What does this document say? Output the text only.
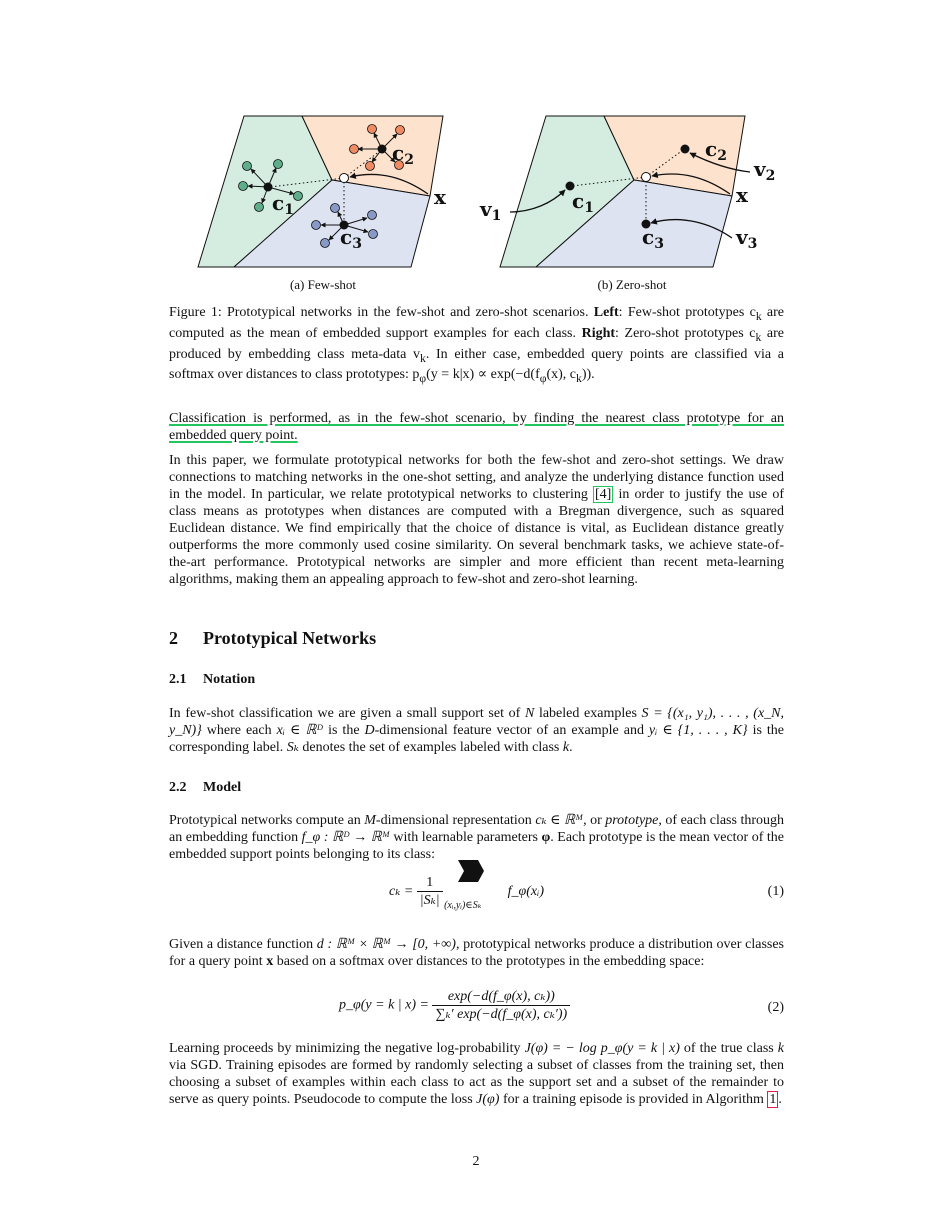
$c_1$
$c_2$
$c_3$
x	$c_1$
$c_2$
$c_3$
x
$v_1$
$v_2$
$v_3$
(a) Few-shot	(b) Zero-shot
Figure 1: Prototypical networks in the few-shot and zero-shot scenarios. Left: Few-shot prototypes $c_k$ are computed as the mean of embedded support examples for each class. Right: Zero-shot prototypes $c_k$ are produced by embedding class meta-data $v_k$. In either case, embedded query points are classified via a softmax over distances to class prototypes: $p_\varphi(y = k|x) \propto \exp(-d(f_\varphi(x)$, $c_k$)).
Classification is performed, as in the few-shot scenario, by finding the nearest class prototype for an embedded query point.
In this paper, we formulate prototypical networks for both the few-shot and zero-shot settings. We draw connections to matching networks in the one-shot setting, and analyze the underlying distance function used in the model. In particular, we relate prototypical networks to clustering [4] in order to justify the use of class means as prototypes when distances are computed with a Bregman divergence, such as squared Euclidean distance. We find empirically that the choice of distance is vital, as Euclidean distance greatly outperforms the more commonly used cosine similarity. On several benchmark tasks, we achieve state-of-the-art performance. Prototypical networks are simpler and more efficient than recent meta-learning algorithms, making them an appealing approach to few-shot and zero-shot learning.
2 Prototypical Networks
2.1 Notation
In few-shot classification we are given a small support set of N labeled examples S = {(x₁, y₁), . . . , (x_N, y_N)} where each xᵢ ∈ ℝᴰ is the D-dimensional feature vector of an example and yᵢ ∈ {1, . . . , K} is the corresponding label. Sₖ denotes the set of examples labeled with class k.
2.2 Model
Prototypical networks compute an M-dimensional representation cₖ ∈ ℝᴹ, or prototype, of each class through an embedding function f_φ : ℝᴰ → ℝᴹ with learnable parameters φ. Each prototype is the mean vector of the embedded support points belonging to its class:
$c_k = \frac{1}{\text{|Sₖ|}}$
(xᵢ,yᵢ)∈Sₖ
f_φ(xᵢ)	(1)
Given a distance function d : ℝᴹ × ℝᴹ → [0, +∞), prototypical networks produce a distribution over classes for a query point x based on a softmax over distances to the prototypes in the embedding space:
p_φ(y = k | $x) = \frac{\text{exp(−d(f\_φ(x), cₖ))}}{\text{∑ₖ′ exp(−d(f\_φ(x), cₖ′))}}$	(2)
Learning proceeds by minimizing the negative log-probability J(φ) = − log p_φ(y = k | x) of the true class k via SGD. Training episodes are formed by randomly selecting a subset of classes from the training set, then choosing a subset of examples within each class to act as the support set and a subset of the remainder to serve as query points. Pseudocode to compute the loss J(φ) for a training episode is provided in Algorithm 1 .
2
